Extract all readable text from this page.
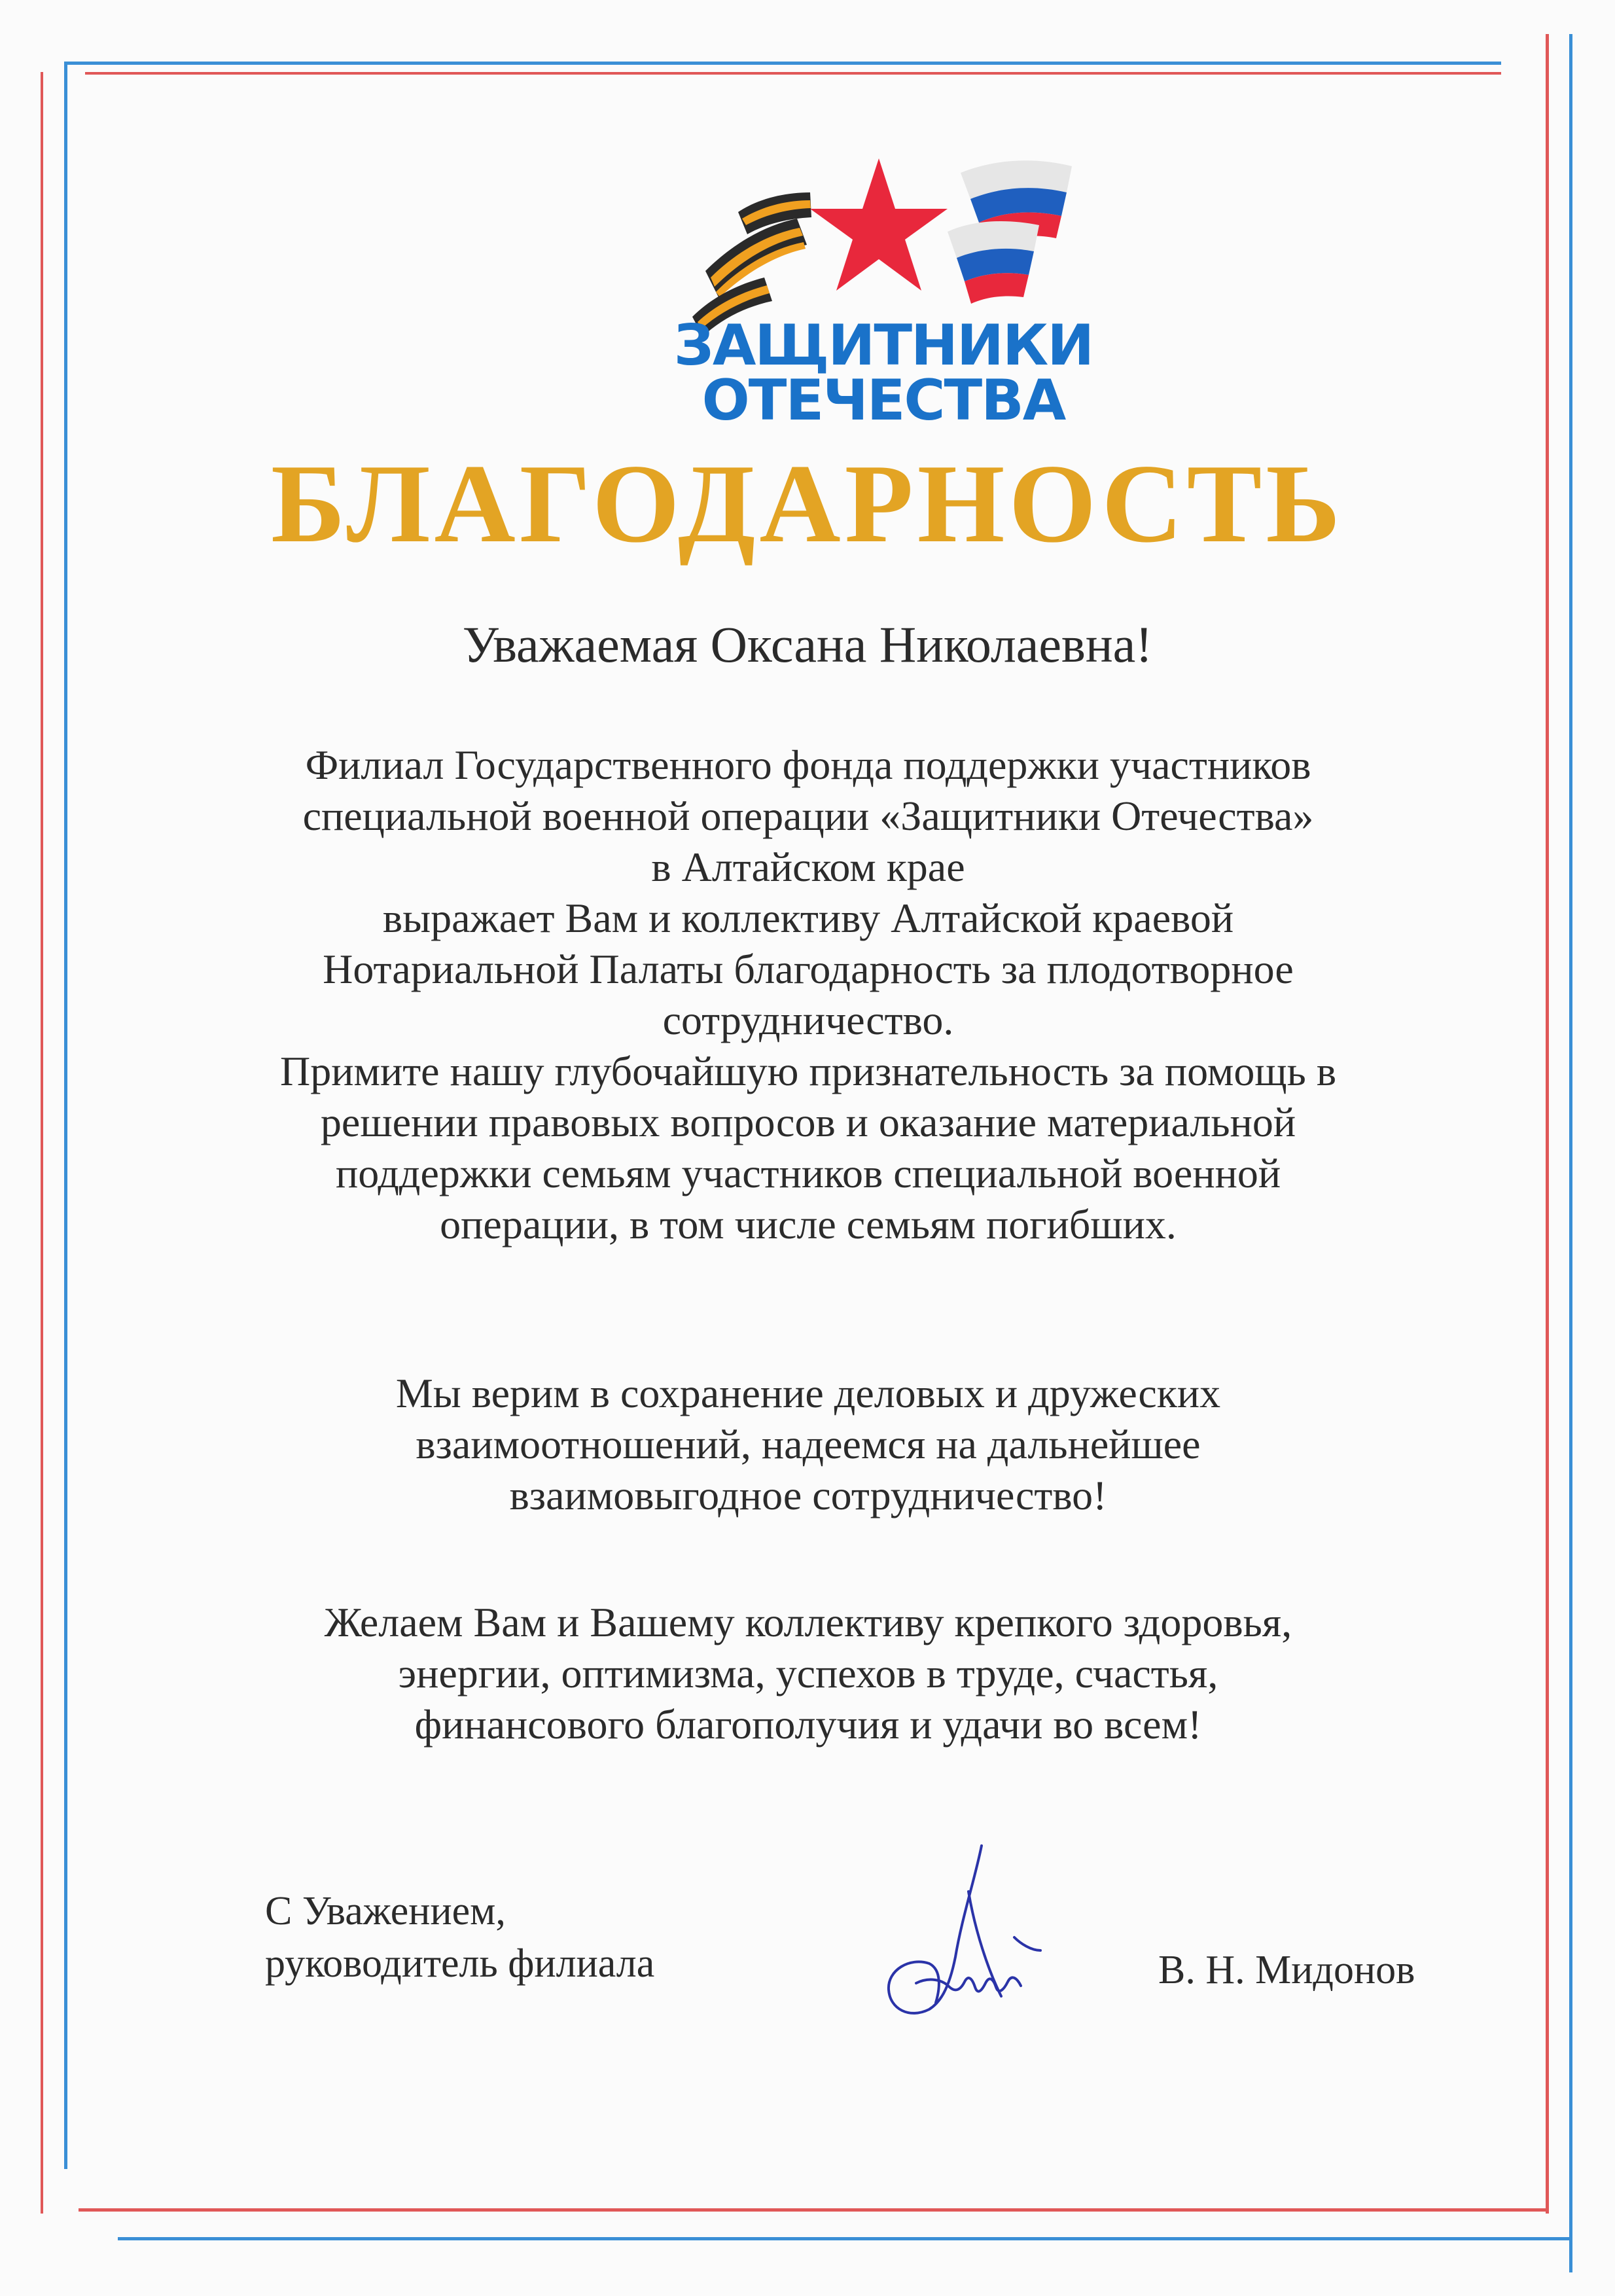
ЗАЩИТНИКИ
ОТЕЧЕСТВА
БЛАГОДАРНОСТЬ
Уважаемая Оксана Николаевна!
Филиал Государственного фонда поддержки участников
специальной военной операции «Защитники Отечества»
в Алтайском крае
выражает Вам и коллективу Алтайской краевой
Нотариальной Палаты благодарность за плодотворное
сотрудничество.
Примите нашу глубочайшую признательность за помощь в
решении правовых вопросов и оказание материальной
поддержки семьям участников специальной военной
операции, в том числе семьям погибших.
Мы верим в сохранение деловых и дружеских
взаимоотношений, надеемся на дальнейшее
взаимовыгодное сотрудничество!
Желаем Вам и Вашему коллективу крепкого здоровья,
энергии, оптимизма, успехов в труде, счастья,
финансового благополучия и удачи во всем!
С Уважением,
руководитель филиала	В. Н. Мидонов
